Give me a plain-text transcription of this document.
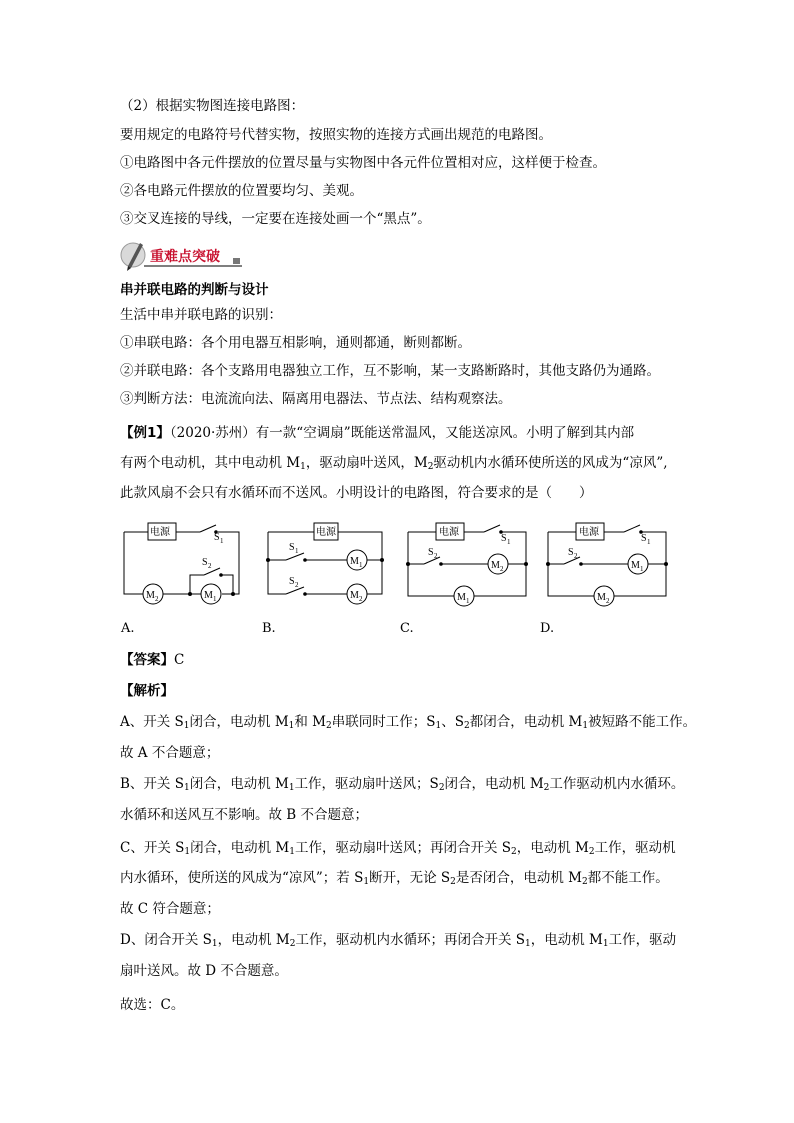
（2）根据实物图连接电路图：
要用规定的电路符号代替实物，按照实物的连接方式画出规范的电路图。
①电路图中各元件摆放的位置尽量与实物图中各元件位置相对应，这样便于检查。
②各电路元件摆放的位置要均匀、美观。
③交叉连接的导线，一定要在连接处画一个“黑点”。
重难点突破
串并联电路的判断与设计
生活中串并联电路的识别：
①串联电路：各个用电器互相影响，通则都通，断则都断。
②并联电路：各个支路用电器独立工作，互不影响，某一支路断路时，其他支路仍为通路。
③判断方法：电流流向法、隔离用电器法、节点法、结构观察法。
【例1】（2020·苏州）有一款“空调扇”既能送常温风，又能送凉风。小明了解到其内部
有两个电动机，其中电动机 $M_1$，驱动扇叶送风，$M_2$驱动机内水循环使所送的风成为“凉风”,
此款风扇不会只有水循环而不送风。小明设计的电路图，符合要求的是（　　）
电源	S 1
S 2
M 2	M 1
电源
S 1
S 2
M 1
M 2
电源
S 1
S 2
M 2
M 1
电源
S 1
S 2
M 1
M 2
A.	B.	C.	D.
【答案】C
【解析】
A、开关 $S_1$闭合，电动机 $M_1$和 $M_2$串联同时工作；$S_1$、$S_2$都闭合，电动机 $M_1$被短路不能工作。
故 A 不合题意；
B、开关 $S_1$闭合，电动机 $M_1$工作，驱动扇叶送风；$S_2$闭合，电动机 $M_2$工作驱动机内水循环。
水循环和送风互不影响。故 B 不合题意；
C、开关 $S_1$闭合，电动机 $M_1$工作，驱动扇叶送风；再闭合开关 $S_2$，电动机 $M_2$工作，驱动机
内水循环，使所送的风成为“凉风”；若 $S_1$断开，无论 $S_2$是否闭合，电动机 $M_2$都不能工作。
故 C 符合题意；
D、闭合开关 $S_1$，电动机 $M_2$工作，驱动机内水循环；再闭合开关 $S_1$，电动机 $M_1$工作，驱动
扇叶送风。故 D 不合题意。
故选：C。
